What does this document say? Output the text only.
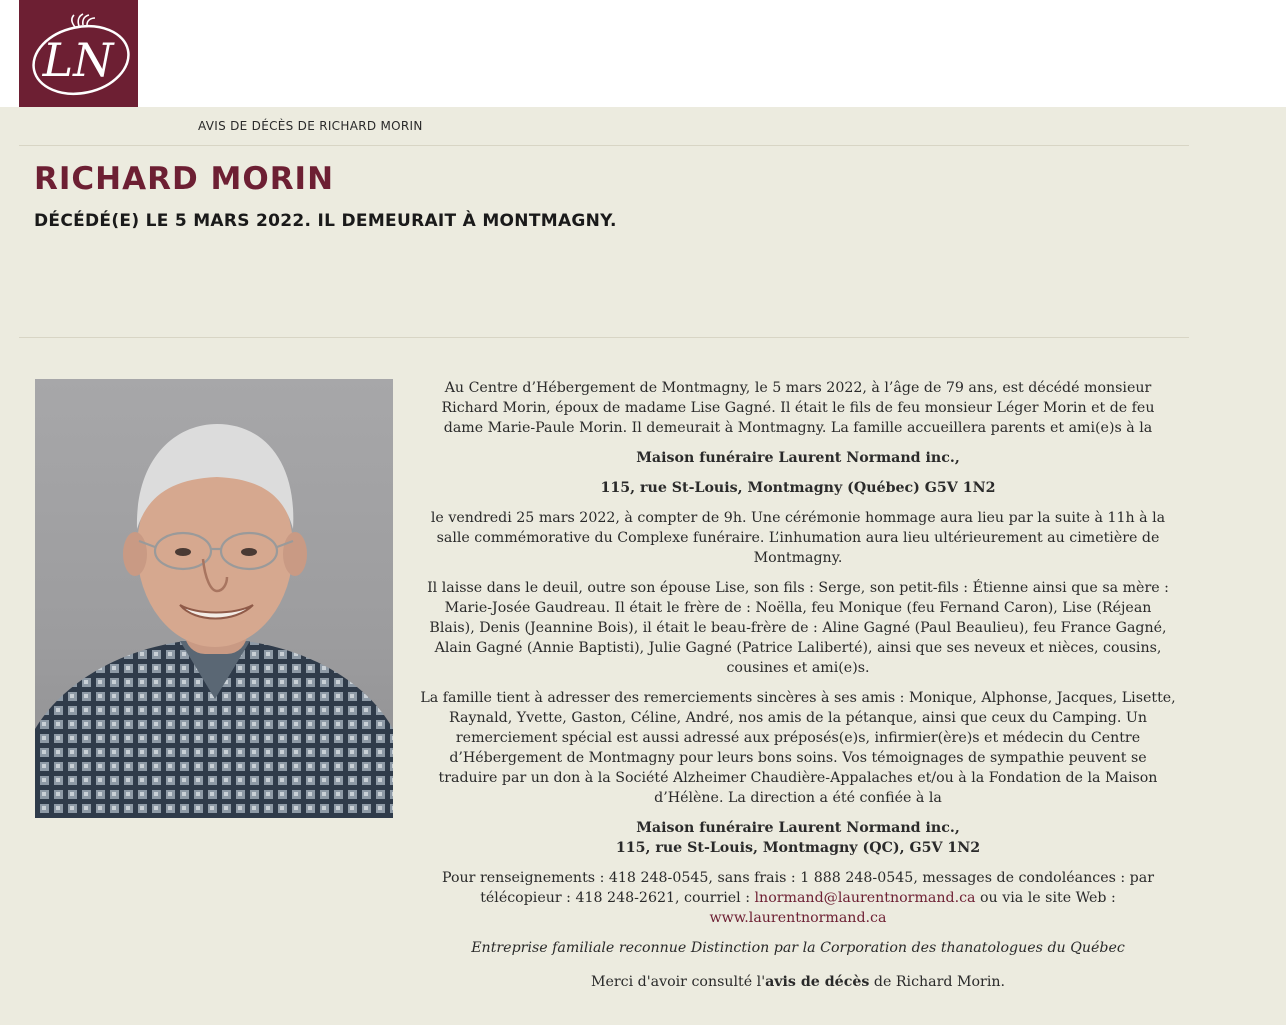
LN
AVIS DE DÉCÈS DE RICHARD MORIN
RICHARD MORIN
DÉCÉDÉ(E) LE 5 MARS 2022. IL DEMEURAIT À MONTMAGNY.

Au Centre d’Hébergement de Montmagny, le 5 mars 2022, à l’âge de 79 ans, est décédé monsieur Richard Morin, époux de madame Lise Gagné. Il était le fils de feu monsieur Léger Morin et de feu dame Marie-Paule Morin. Il demeurait à Montmagny. La famille accueillera parents et ami(e)s à la

Maison funéraire Laurent Normand inc.,

115, rue St-Louis, Montmagny (Québec) G5V 1N2

le vendredi 25 mars 2022, à compter de 9h. Une cérémonie hommage aura lieu par la suite à 11h à la salle commémorative du Complexe funéraire. L’inhumation aura lieu ultérieurement au cimetière de Montmagny.

Il laisse dans le deuil, outre son épouse Lise, son fils : Serge, son petit-fils : Étienne ainsi que sa mère : Marie-Josée Gaudreau. Il était le frère de : Noëlla, feu Monique (feu Fernand Caron), Lise (Réjean Blais), Denis (Jeannine Bois), il était le beau-frère de : Aline Gagné (Paul Beaulieu), feu France Gagné, Alain Gagné (Annie Baptisti), Julie Gagné (Patrice Laliberté), ainsi que ses neveux et nièces, cousins, cousines et ami(e)s.

La famille tient à adresser des remerciements sincères à ses amis : Monique, Alphonse, Jacques, Lisette, Raynald, Yvette, Gaston, Céline, André, nos amis de la pétanque, ainsi que ceux du Camping. Un remerciement spécial est aussi adressé aux préposés(e)s, infirmier(ère)s et médecin du Centre d’Hébergement de Montmagny pour leurs bons soins. Vos témoignages de sympathie peuvent se traduire par un don à la Société Alzheimer Chaudière-Appalaches et/ou à la Fondation de la Maison d’Hélène. La direction a été confiée à la

Maison funéraire Laurent Normand inc.,

115, rue St-Louis, Montmagny (QC), G5V 1N2

Pour renseignements : 418 248-0545, sans frais : 1 888 248-0545, messages de condoléances : par télécopieur : 418 248-2621, courriel : lnormand@laurentnormand.ca ou via le site Web :
www.laurentnormand.ca

Entreprise familiale reconnue Distinction par la Corporation des thanatologues du Québec

Merci d'avoir consulté l'avis de décès de Richard Morin.
